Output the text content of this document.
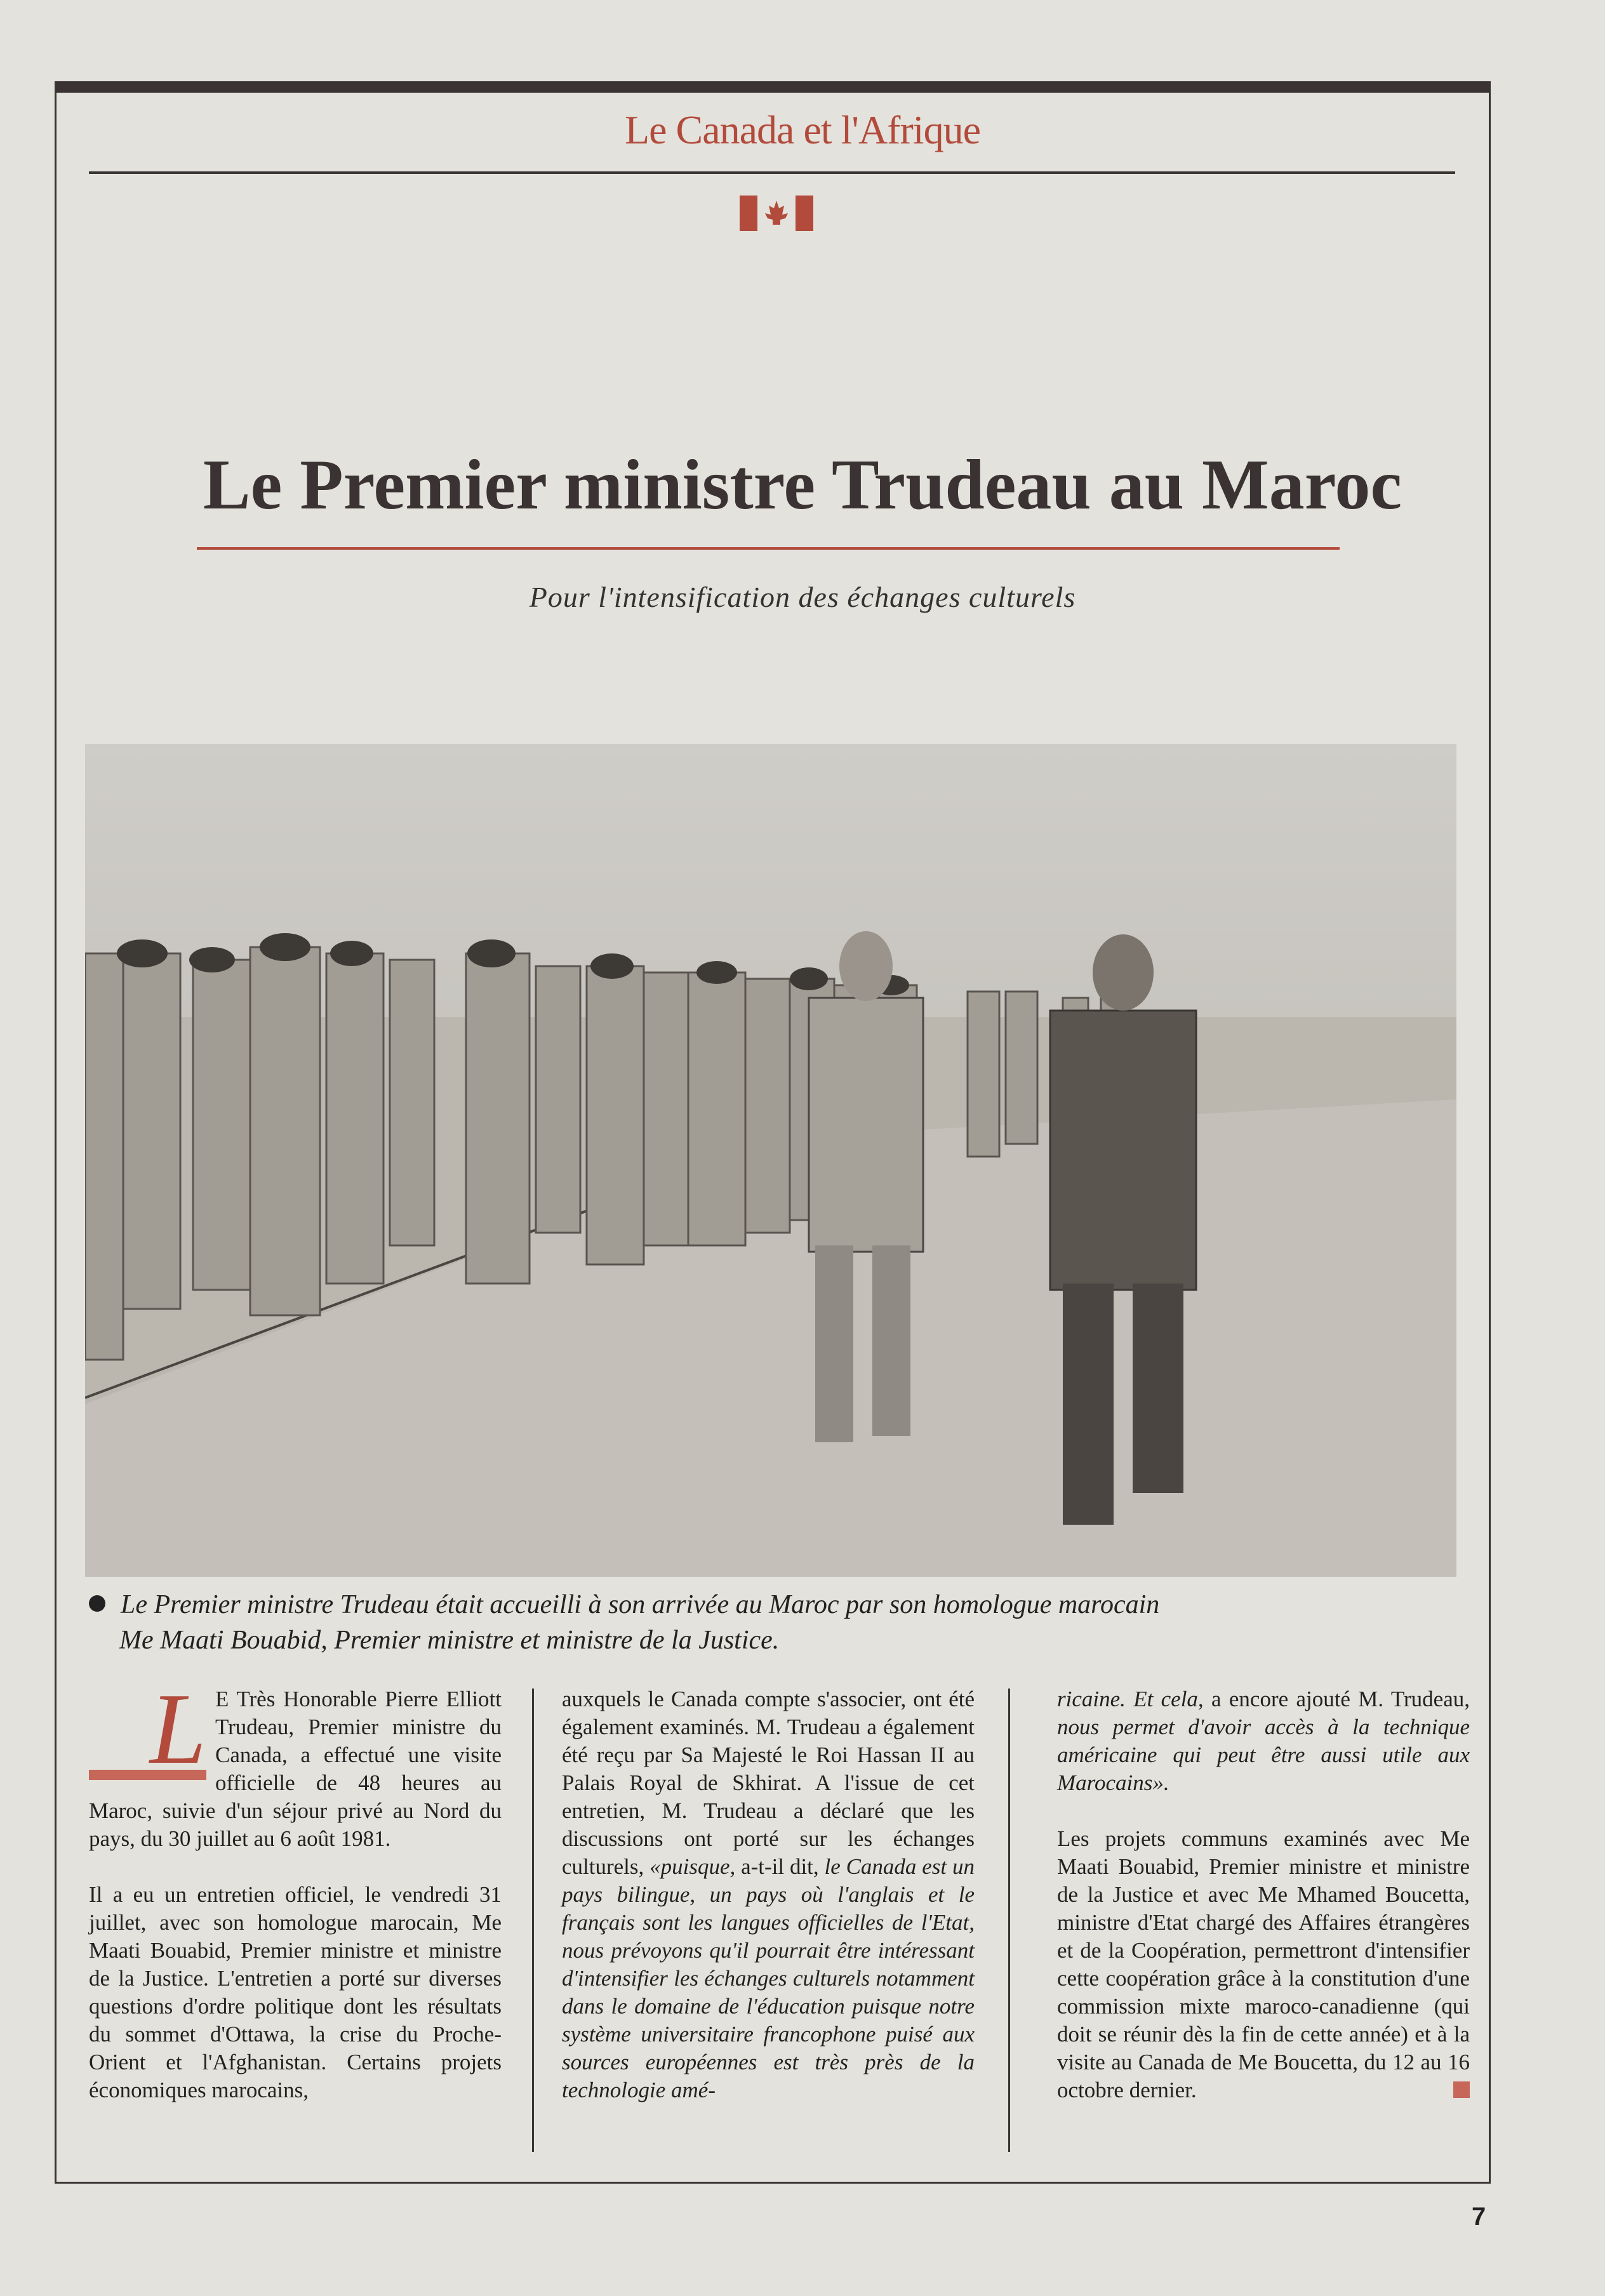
Le Canada et l'Afrique
Le Premier ministre Trudeau au Maroc
Pour l'intensification des échanges culturels
Le Premier ministre Trudeau était accueilli à son arrivée au Maroc par son homologue marocain
Me Maati Bouabid, Premier ministre et ministre de la Justice.

L E Très Honorable Pierre Elliott Trudeau, Premier ministre du Canada, a effectué une visite officielle de 48 heures au Maroc, suivie d'un séjour privé au Nord du pays, du 30 juillet au 6 août 1981.

Il a eu un entretien officiel, le vendredi 31 juillet, avec son homologue marocain, Me Maati Bouabid, Premier ministre et ministre de la Justice. L'entretien a porté sur diverses questions d'ordre politique dont les résultats du sommet d'Ottawa, la crise du Proche-Orient et l'Afghanistan. Certains projets économiques marocains,

auxquels le Canada compte s'associer, ont été également examinés. M. Trudeau a également été reçu par Sa Majesté le Roi Hassan II au Palais Royal de Skhirat. A l'issue de cet entretien, M. Trudeau a déclaré que les discussions ont porté sur les échanges culturels, «puisque, a-t-il dit, le Canada est un pays bilingue, un pays où l'anglais et le français sont les langues officielles de l'Etat, nous prévoyons qu'il pourrait être intéressant d'intensifier les échanges culturels notamment dans le domaine de l'éducation puisque notre système universitaire francophone puisé aux sources européennes est très près de la technologie amé-

ricaine. Et cela, a encore ajouté M. Trudeau, nous permet d'avoir accès à la technique américaine qui peut être aussi utile aux Marocains».

Les projets communs examinés avec Me Maati Bouabid, Premier ministre et ministre de la Justice et avec Me Mhamed Boucetta, ministre d'Etat chargé des Affaires étrangères et de la Coopération, permettront d'intensifier cette coopération grâce à la constitution d'une commission mixte maroco-canadienne (qui doit se réunir dès la fin de cette année) et à la visite au Canada de Me Boucetta, du 12 au 16 octobre dernier.

7
